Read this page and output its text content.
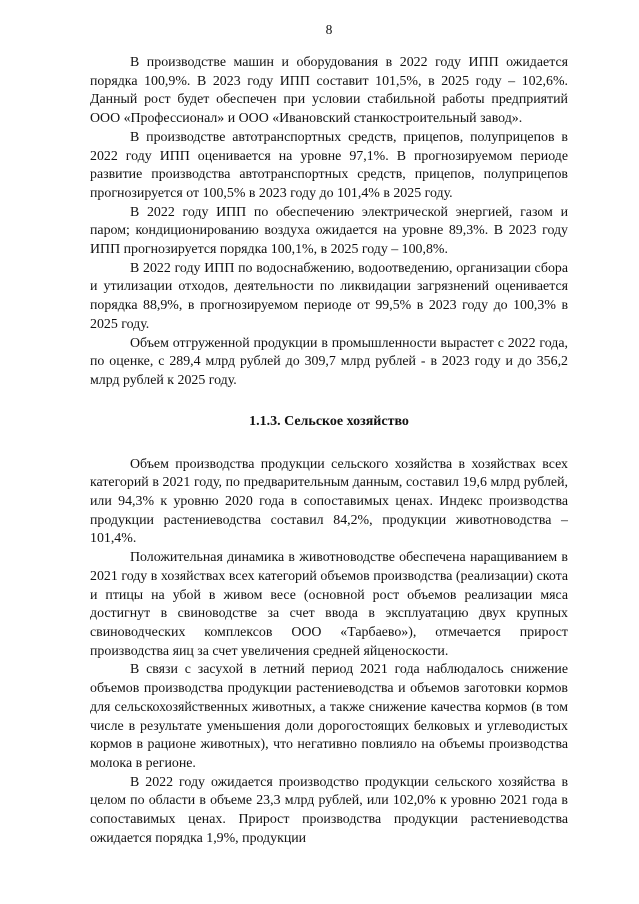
8

В производстве машин и оборудования в 2022 году ИПП ожидается порядка 100,9%. В 2023 году ИПП составит 101,5%, в 2025 году – 102,6%. Данный рост будет обеспечен при условии стабильной работы предприятий ООО «Профессионал» и ООО «Ивановский станкостроительный завод».

В производстве автотранспортных средств, прицепов, полуприцепов в 2022 году ИПП оценивается на уровне 97,1%. В прогнозируемом периоде развитие производства автотранспортных средств, прицепов, полуприцепов прогнозируется от 100,5% в 2023 году до 101,4% в 2025 году.

В 2022 году ИПП по обеспечению электрической энергией, газом и паром; кондиционированию воздуха ожидается на уровне 89,3%. В 2023 году ИПП прогнозируется порядка 100,1%, в 2025 году – 100,8%.

В 2022 году ИПП по водоснабжению, водоотведению, организации сбора и утилизации отходов, деятельности по ликвидации загрязнений оценивается порядка 88,9%, в прогнозируемом периоде от 99,5% в 2023 году до 100,3% в 2025 году.

Объем отгруженной продукции в промышленности вырастет с 2022 года, по оценке, с 289,4 млрд рублей до 309,7 млрд рублей - в 2023 году и до 356,2 млрд рублей к 2025 году.

1.1.3. Сельское хозяйство

Объем производства продукции сельского хозяйства в хозяйствах всех категорий в 2021 году, по предварительным данным, составил 19,6 млрд рублей, или 94,3% к уровню 2020 года в сопоставимых ценах. Индекс производства продукции растениеводства составил 84,2%, продукции животноводства – 101,4%.

Положительная динамика в животноводстве обеспечена наращиванием в 2021 году в хозяйствах всех категорий объемов производства (реализации) скота и птицы на убой в живом весе (основной рост объемов реализации мяса достигнут в свиноводстве за счет ввода в эксплуатацию двух крупных свиноводческих комплексов ООО «Тарбаево»), отмечается прирост производства яиц за счет увеличения средней яйценоскости.

В связи с засухой в летний период 2021 года наблюдалось снижение объемов производства продукции растениеводства и объемов заготовки кормов для сельскохозяйственных животных, а также снижение качества кормов (в том числе в результате уменьшения доли дорогостоящих белковых и углеводистых кормов в рационе животных), что негативно повлияло на объемы производства молока в регионе.

В 2022 году ожидается производство продукции сельского хозяйства в целом по области в объеме 23,3 млрд рублей, или 102,0% к уровню 2021 года в сопоставимых ценах. Прирост производства продукции растениеводства ожидается порядка 1,9%, продукции
